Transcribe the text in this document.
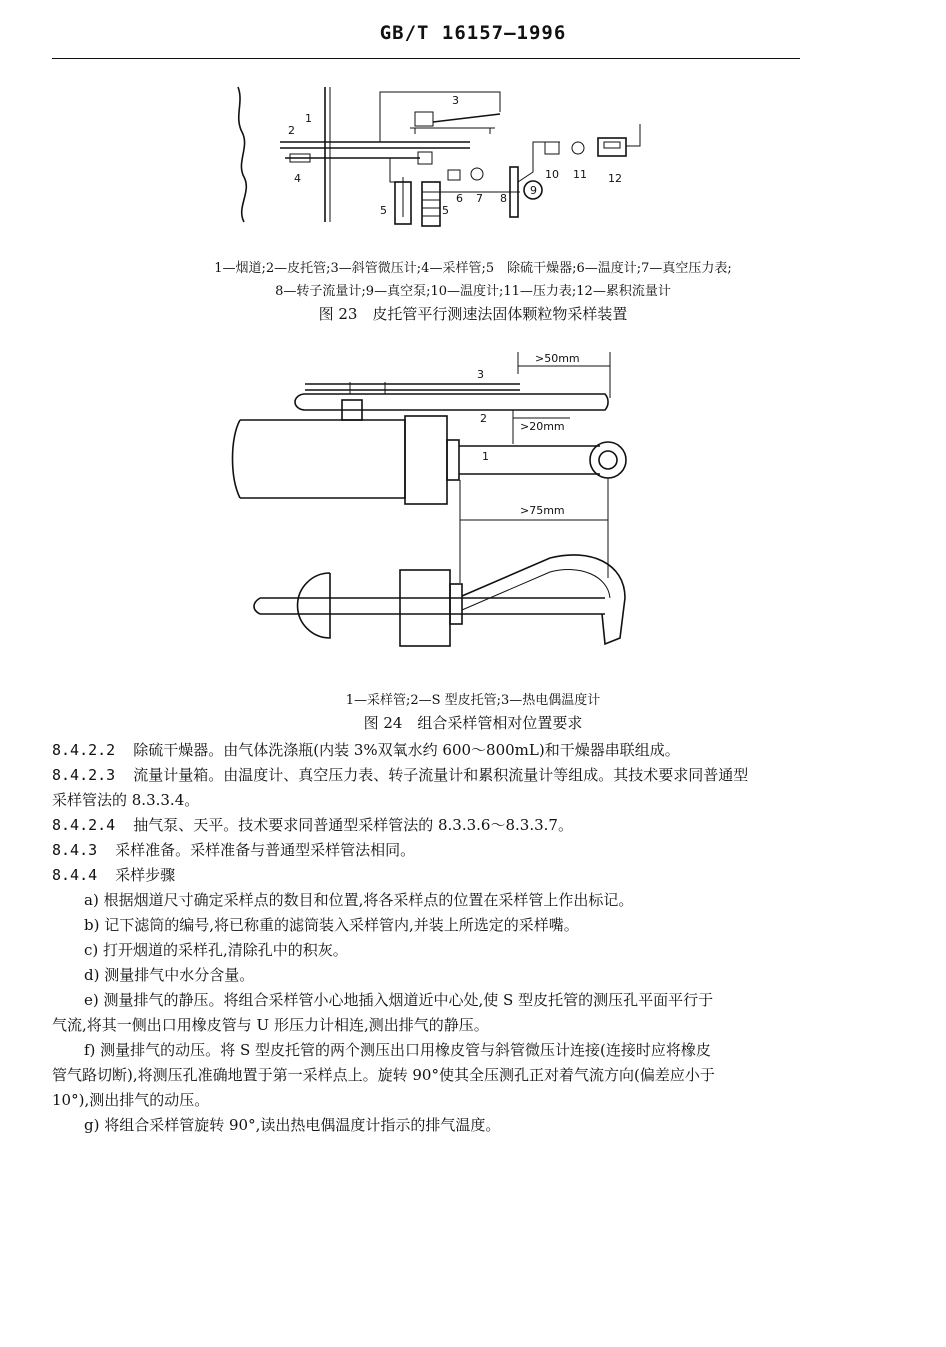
GB/T 16157—1996
1
2
3
4
5	5
6 7 8
9
10 11 12
1—烟道;2—皮托管;3—斜管微压计;4—采样管;5　除硫干燥器;6—温度计;7—真空压力表;
8—转子流量计;9—真空泵;10—温度计;11—压力表;12—累积流量计
图 23　皮托管平行测速法固体颗粒物采样装置
>50mm
3
2
>20mm
1
>75mm
1—采样管;2—S 型皮托管;3—热电偶温度计
图 24　组合采样管相对位置要求
8.4.2.2 除硫干燥器。由气体洗涤瓶(内装 3%双氧水约 600～800mL)和干燥器串联组成。
8.4.2.3 流量计量箱。由温度计、真空压力表、转子流量计和累积流量计等组成。其技术要求同普通型
采样管法的 8.3.3.4。
8.4.2.4 抽气泵、天平。技术要求同普通型采样管法的 8.3.3.6～8.3.3.7。
8.4.3 采样准备。采样准备与普通型采样管法相同。
8.4.4 采样步骤
a) 根据烟道尺寸确定采样点的数目和位置,将各采样点的位置在采样管上作出标记。
b) 记下滤筒的编号,将已称重的滤筒装入采样管内,并装上所选定的采样嘴。
c) 打开烟道的采样孔,清除孔中的积灰。
d) 测量排气中水分含量。
e) 测量排气的静压。将组合采样管小心地插入烟道近中心处,使 S 型皮托管的测压孔平面平行于
气流,将其一侧出口用橡皮管与 U 形压力计相连,测出排气的静压。
f) 测量排气的动压。将 S 型皮托管的两个测压出口用橡皮管与斜管微压计连接(连接时应将橡皮
管气路切断),将测压孔准确地置于第一采样点上。旋转 90°使其全压测孔正对着气流方向(偏差应小于
10°),测出排气的动压。
g) 将组合采样管旋转 90°,读出热电偶温度计指示的排气温度。
